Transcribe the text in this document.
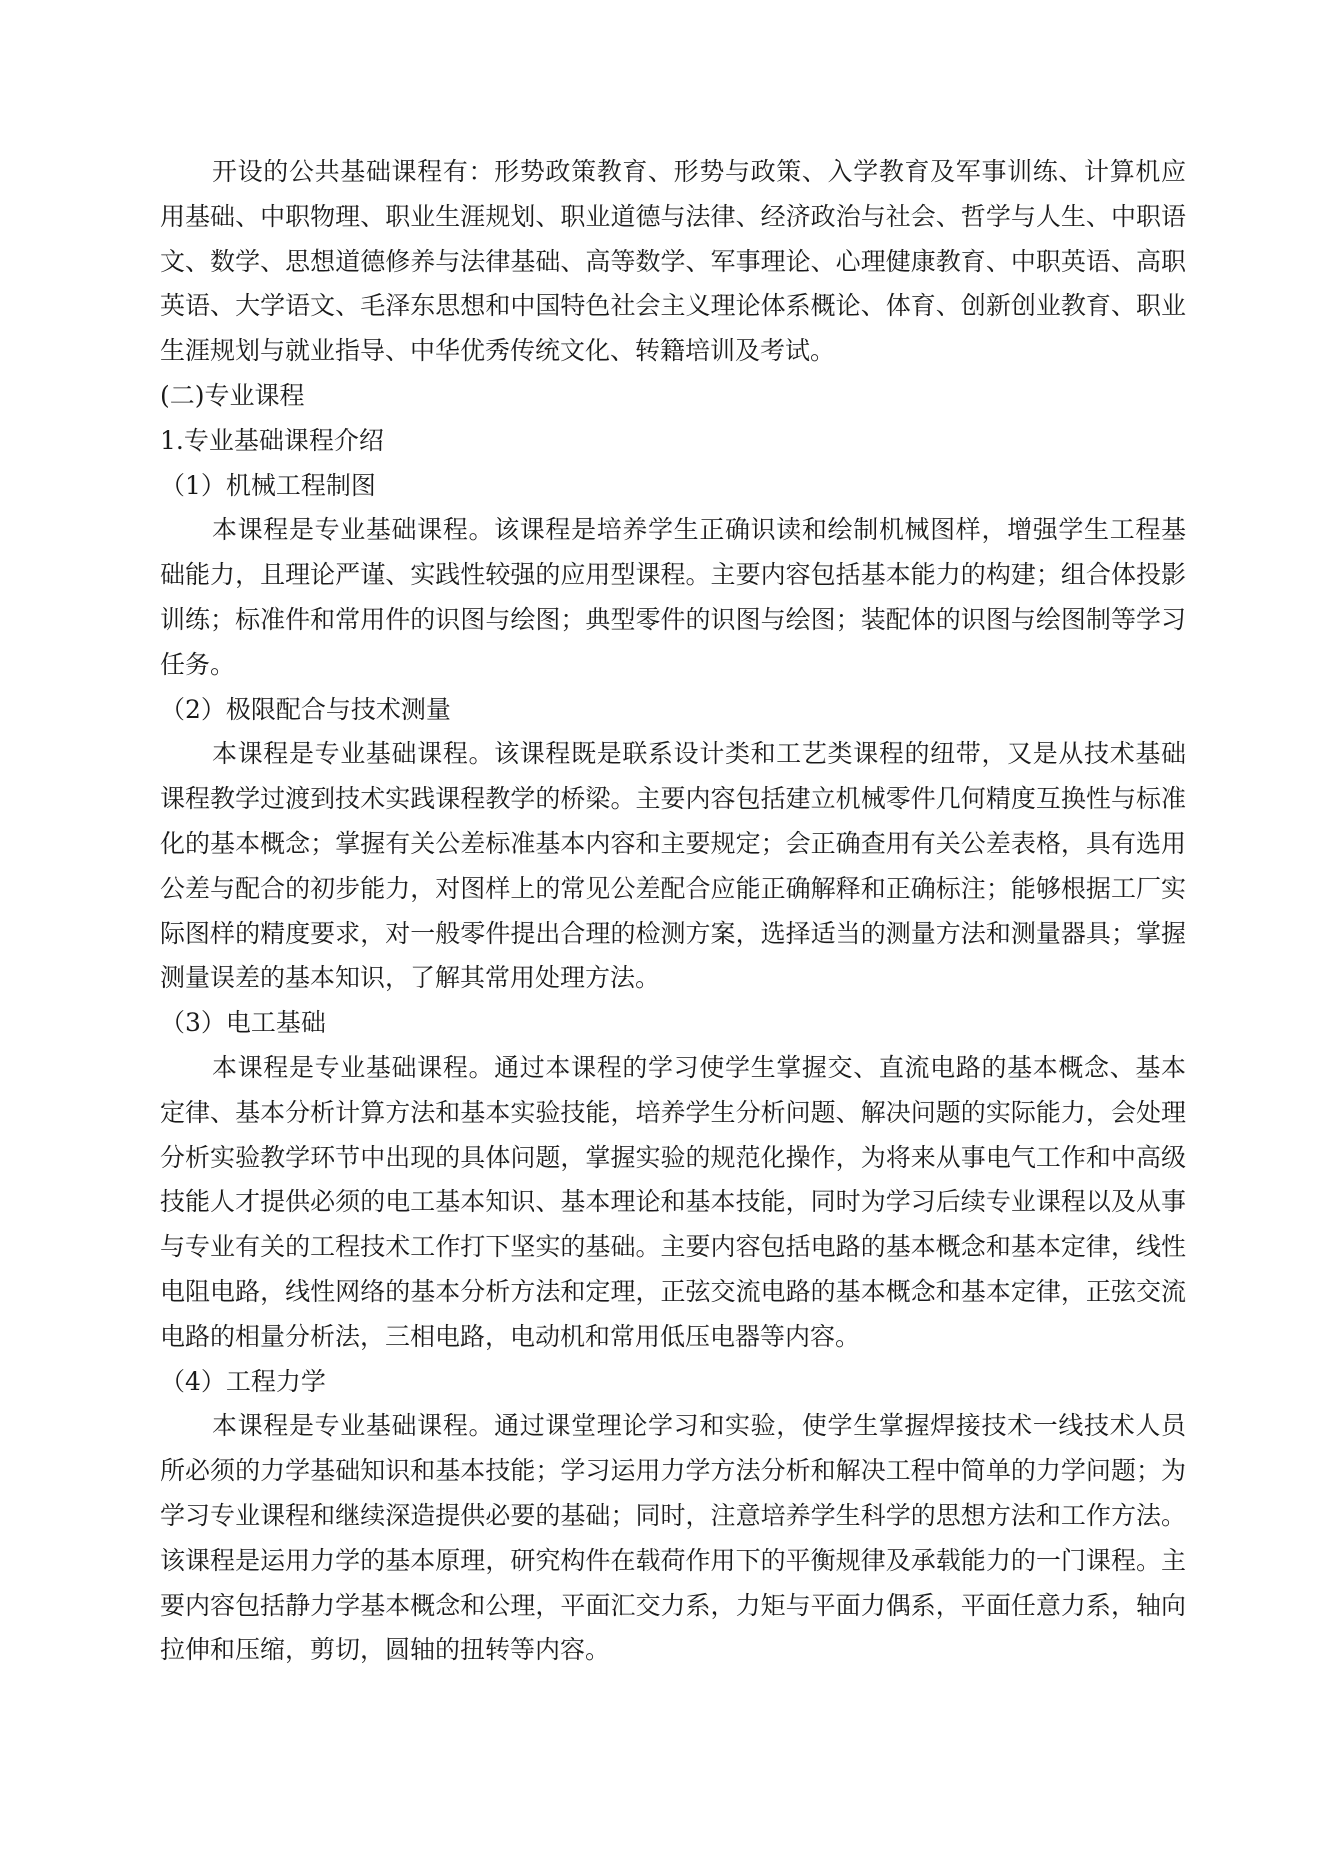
开设的公共基础课程有：形势政策教育、形势与政策、入学教育及军事训练、计算机应用基础、中职物理、职业生涯规划、职业道德与法律、经济政治与社会、哲学与人生、中职语文、数学、思想道德修养与法律基础、高等数学、军事理论、心理健康教育、中职英语、高职英语、大学语文、毛泽东思想和中国特色社会主义理论体系概论、体育、创新创业教育、职业生涯规划与就业指导、中华优秀传统文化、转籍培训及考试。

(二)专业课程

1.专业基础课程介绍

（1）机械工程制图

本课程是专业基础课程。该课程是培养学生正确识读和绘制机械图样，增强学生工程基础能力，且理论严谨、实践性较强的应用型课程。主要内容包括基本能力的构建；组合体投影训练；标准件和常用件的识图与绘图；典型零件的识图与绘图；装配体的识图与绘图制等学习任务。

（2）极限配合与技术测量

本课程是专业基础课程。该课程既是联系设计类和工艺类课程的纽带，又是从技术基础课程教学过渡到技术实践课程教学的桥梁。主要内容包括建立机械零件几何精度互换性与标准化的基本概念；掌握有关公差标准基本内容和主要规定；会正确查用有关公差表格，具有选用公差与配合的初步能力，对图样上的常见公差配合应能正确解释和正确标注；能够根据工厂实际图样的精度要求，对一般零件提出合理的检测方案，选择适当的测量方法和测量器具；掌握测量误差的基本知识，了解其常用处理方法。

（3）电工基础

本课程是专业基础课程。通过本课程的学习使学生掌握交、直流电路的基本概念、基本定律、基本分析计算方法和基本实验技能，培养学生分析问题、解决问题的实际能力，会处理分析实验教学环节中出现的具体问题，掌握实验的规范化操作，为将来从事电气工作和中高级技能人才提供必须的电工基本知识、基本理论和基本技能，同时为学习后续专业课程以及从事与专业有关的工程技术工作打下坚实的基础。主要内容包括电路的基本概念和基本定律，线性电阻电路，线性网络的基本分析方法和定理，正弦交流电路的基本概念和基本定律，正弦交流电路的相量分析法，三相电路，电动机和常用低压电器等内容。

（4）工程力学

本课程是专业基础课程。通过课堂理论学习和实验，使学生掌握焊接技术一线技术人员所必须的力学基础知识和基本技能；学习运用力学方法分析和解决工程中简单的力学问题；为学习专业课程和继续深造提供必要的基础；同时，注意培养学生科学的思想方法和工作方法。该课程是运用力学的基本原理，研究构件在载荷作用下的平衡规律及承载能力的一门课程。主要内容包括静力学基本概念和公理，平面汇交力系，力矩与平面力偶系，平面任意力系，轴向拉伸和压缩，剪切，圆轴的扭转等内容。
